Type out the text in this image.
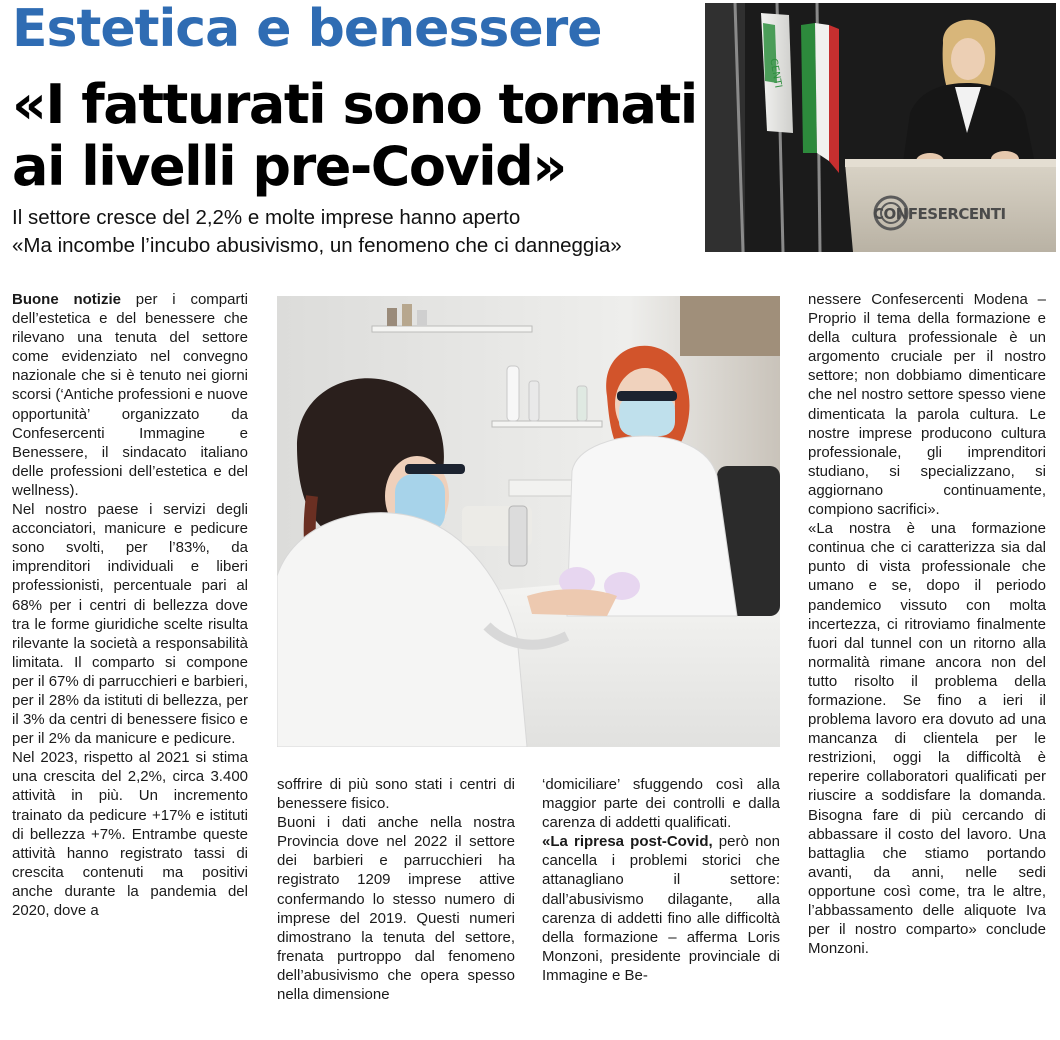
Estetica e benessere
«I fatturati sono tornati
ai livelli pre-Covid»
Il settore cresce del 2,2% e molte imprese hanno aperto
«Ma incombe l’incubo abusivismo, un fenomeno che ci danneggia»
CENTI
CONFESERCENTI

Buone notizie per i comparti dell’estetica e del benessere che rilevano una tenuta del settore come evidenziato nel convegno nazionale che si è tenuto nei giorni scorsi (‘Antiche professioni e nuove opportunità’ organizzato da Confesercenti Immagine e Benessere, il sindacato italiano delle professioni dell’estetica e del wellness).

Nel nostro paese i servizi degli acconciatori, manicure e pedicure sono svolti, per l’83%, da imprenditori individuali e liberi professionisti, percentuale pari al 68% per i centri di bellezza dove tra le forme giuridiche scelte risulta rilevante la società a responsabilità limitata. Il comparto si compone per il 67% di parrucchieri e barbieri, per il 28% da istituti di bellezza, per il 3% da centri di benessere fisico e per il 2% da manicure e pedicure.

Nel 2023, rispetto al 2021 si stima una crescita del 2,2%, circa 3.400 attività in più. Un incremento trainato da pedicure +17% e istituti di bellezza +7%. Entrambe queste attività hanno registrato tassi di crescita contenuti ma positivi anche durante la pandemia del 2020, dove a

soffrire di più sono stati i centri di benessere fisico.

Buoni i dati anche nella nostra Provincia dove nel 2022 il settore dei barbieri e parrucchieri ha registrato 1209 imprese attive confermando lo stesso numero di imprese del 2019. Questi numeri dimostrano la tenuta del settore, frenata purtroppo dal fenomeno dell’abusivismo che opera spesso nella dimensione

‘domiciliare’ sfuggendo così alla maggior parte dei controlli e dalla carenza di addetti qualificati.

«La ripresa post-Covid, però non cancella i problemi storici che attanagliano il settore: dall’abusivismo dilagante, alla carenza di addetti fino alle difficoltà della formazione – afferma Loris Monzoni, presidente provinciale di Immagine e Be-

nessere Confesercenti Modena – Proprio il tema della formazione e della cultura professionale è un argomento cruciale per il nostro settore; non dobbiamo dimenticare che nel nostro settore spesso viene dimenticata la parola cultura. Le nostre imprese producono cultura professionale, gli imprenditori studiano, si specializzano, si aggiornano continuamente, compiono sacrifici».

«La nostra è una formazione continua che ci caratterizza sia dal punto di vista professionale che umano e se, dopo il periodo pandemico vissuto con molta incertezza, ci ritroviamo finalmente fuori dal tunnel con un ritorno alla normalità rimane ancora non del tutto risolto il problema della formazione. Se fino a ieri il problema lavoro era dovuto ad una mancanza di clientela per le restrizioni, oggi la difficoltà è reperire collaboratori qualificati per riuscire a soddisfare la domanda. Bisogna fare di più cercando di abbassare il costo del lavoro. Una battaglia che stiamo portando avanti, da anni, nelle sedi opportune così come, tra le altre, l’abbassamento delle aliquote Iva per il nostro comparto» conclude Monzoni.
